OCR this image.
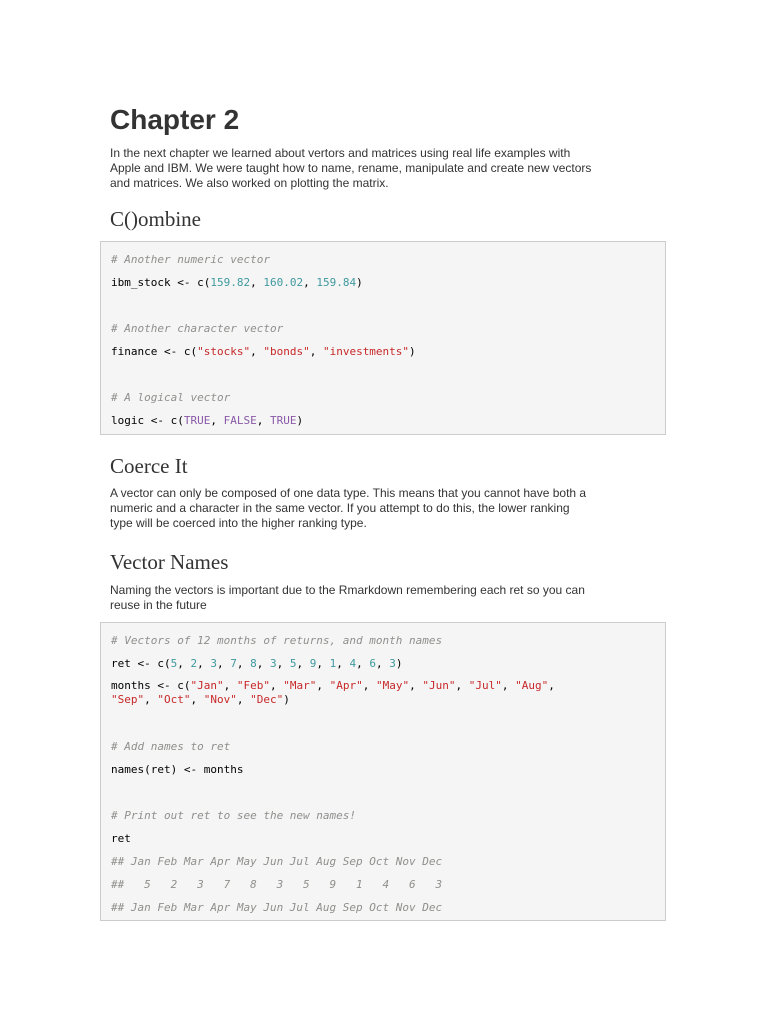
Chapter 2

In the next chapter we learned about vertors and matrices using real life examples with

Apple and IBM. We were taught how to name, rename, manipulate and create new vectors

and matrices. We also worked on plotting the matrix.

C()ombine
# Another numeric vector
ibm_stock <- c(159.82, 160.02, 159.84)
# Another character vector
finance <- c("stocks", "bonds", "investments")
# A logical vector
logic <- c(TRUE, FALSE, TRUE)
Coerce It

A vector can only be composed of one data type. This means that you cannot have both a

numeric and a character in the same vector. If you attempt to do this, the lower ranking

type will be coerced into the higher ranking type.

Vector Names

Naming the vectors is important due to the Rmarkdown remembering each ret so you can

reuse in the future

# Vectors of 12 months of returns, and month names
ret <- c(5, 2, 3, 7, 8, 3, 5, 9, 1, 4, 6, 3)
months <- c("Jan", "Feb", "Mar", "Apr", "May", "Jun", "Jul", "Aug",
"Sep", "Oct", "Nov", "Dec")
# Add names to ret
names(ret) <- months
# Print out ret to see the new names!
ret
## Jan Feb Mar Apr May Jun Jul Aug Sep Oct Nov Dec
##   5   2   3   7   8   3   5   9   1   4   6   3
## Jan Feb Mar Apr May Jun Jul Aug Sep Oct Nov Dec
